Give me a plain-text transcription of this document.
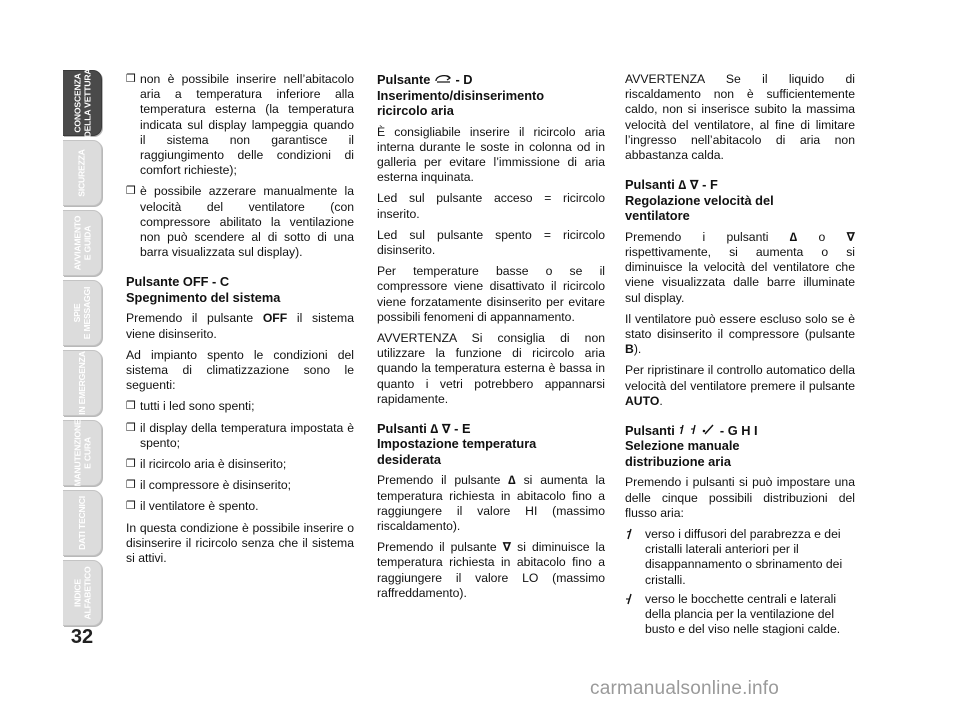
CONOSCENZA DELLA VETTURA
SICUREZZA
AVVIAMENTO E GUIDA
SPIE E MESSAGGI
IN EMERGENZA
MANUTENZIONE E CURA
DATI TECNICI
INDICE ALFABETICO
32
❒ non è possibile inserire nell’abitacolo aria a temperatura inferiore alla temperatura esterna (la temperatura indicata sul display lampeggia quando il sistema non garantisce il raggiungimento delle condizioni di comfort richieste);
❒ è possibile azzerare manualmente la velocità del ventilatore (con compressore abilitato la ventilazione non può scendere al di sotto di una barra visualizzata sul display).
Pulsante OFF - C
Spegnimento del sistema

Premendo il pulsante OFF il sistema viene disinserito.

Ad impianto spento le condizioni del sistema di climatizzazione sono le seguenti:

❒ tutti i led sono spenti;
❒ il display della temperatura impostata è spento;
❒ il ricircolo aria è disinserito;
❒ il compressore è disinserito;
❒ il ventilatore è spento.

In questa condizione è possibile inserire o disinserire il ricircolo senza che il sistema si attivi.

Pulsante  - D
Inserimento/disinserimento
ricircolo aria

È consigliabile inserire il ricircolo aria interna durante le soste in colonna od in galleria per evitare l’immissione di aria esterna inquinata.

Led sul pulsante acceso = ricircolo inserito.

Led sul pulsante spento = ricircolo disinserito.

Per temperature basse o se il compressore viene disattivato il ricircolo viene forzatamente disinserito per evitare possibili fenomeni di appannamento.

AVVERTENZA Si consiglia di non utilizzare la funzione di ricircolo aria quando la temperatura esterna è bassa in quanto i vetri potrebbero appannarsi rapidamente.

Pulsanti ∆ ∇ - E
Impostazione temperatura
desiderata

Premendo il pulsante ∆ si aumenta la temperatura richiesta in abitacolo fino a raggiungere il valore HI (massimo riscaldamento).

Premendo il pulsante ∇ si diminuisce la temperatura richiesta in abitacolo fino a raggiungere il valore LO (massimo raffreddamento).

AVVERTENZA Se il liquido di riscaldamento non è sufficientemente caldo, non si inserisce subito la massima velocità del ventilatore, al fine di limitare l’ingresso nell’abitacolo di aria non abbastanza calda.

Pulsanti ∆ ∇ - F
Regolazione velocità del
ventilatore

Premendo i pulsanti ∆ o ∇ rispettivamente, si aumenta o si diminuisce la velocità del ventilatore che viene visualizzata dalle barre illuminate sul display.

Il ventilatore può essere escluso solo se è stato disinserito il compressore (pulsante B).

Per ripristinare il controllo automatico della velocità del ventilatore premere il pulsante AUTO.

Pulsanti	- G H I
Selezione manuale
distribuzione aria

Premendo i pulsanti si può impostare una delle cinque possibili distribuzioni del flusso aria:

verso i diffusori del parabrezza e dei cristalli laterali anteriori per il disappannamento o sbrinamento dei cristalli.
verso le bocchette centrali e laterali della plancia per la ventilazione del busto e del viso nelle stagioni calde.
carmanualsonline.info
